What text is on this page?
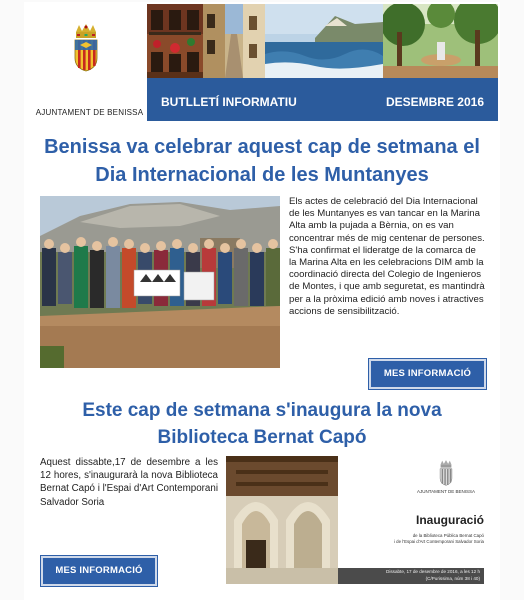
AJUNTAMENT DE BENISSA
BUTLLETÍ INFORMATIU	DESEMBRE 2016
Benissa va celebrar aquest cap de setmana el
Dia Internacional de les Muntanyes

Els actes de celebració del Dia Internacional de les Muntanyes es van tancar en la Marina Alta amb la pujada a Bèrnia, on es van concentrar més de mig centenar de persones.

S'ha confirmat el lideratge de la comarca de la Marina Alta en les celebracions DIM amb la coordinació directa del Colegio de Ingenieros de Montes, i que amb seguretat, es mantindrà per a la pròxima edició amb noves i atractives accions de sensibilització.

MES INFORMACIÓ
Este cap de setmana s'inaugura la nova
Biblioteca Bernat Capó
Aquest dissabte,17 de desembre a les 12 hores, s'inaugurarà la nova Biblioteca Bernat Capó i l'Espai d'Art Contemporani Salvador Soria
MES INFORMACIÓ
AJUNTAMENT DE BENISSA
Inauguració
de la Biblioteca Pública Bernat Capó
i de l'Espai d'Art Contemporani Salvador Soria
Dissabte, 17 de desembre de 2016, a les 12 h
(C/Purissima, núm 38 i 40)
